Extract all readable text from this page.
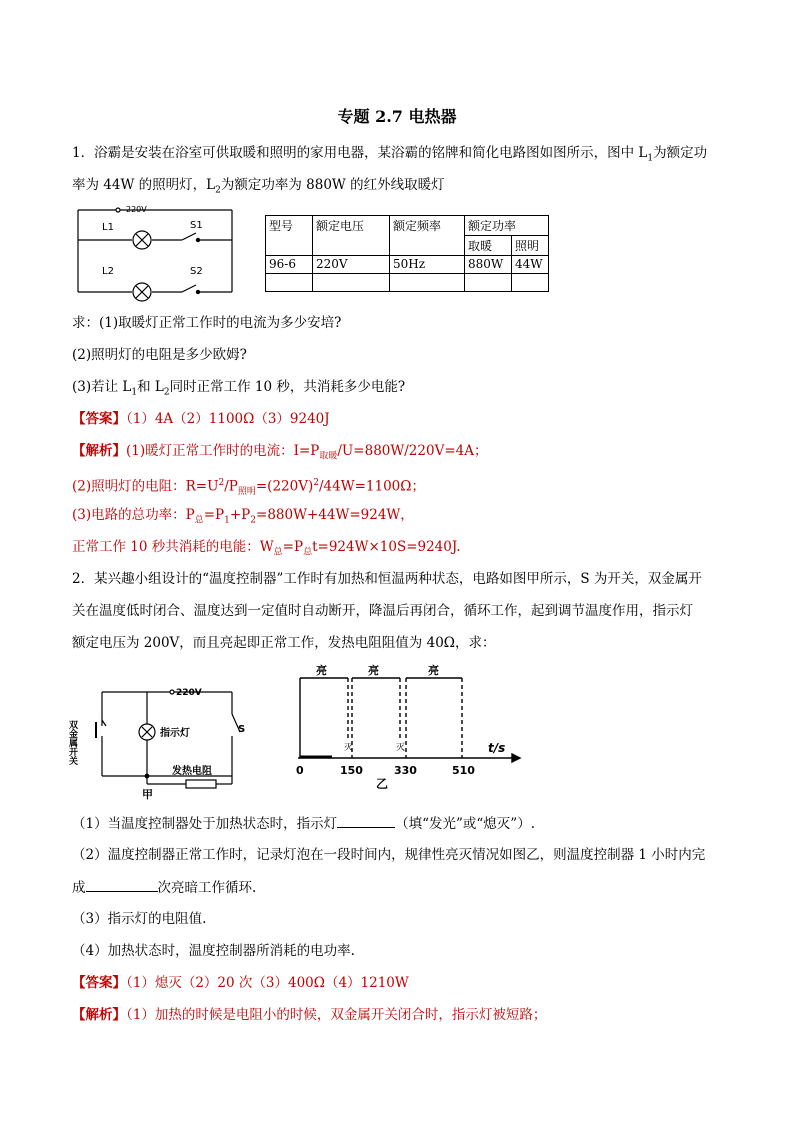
专题 2.7 电热器
1．浴霸是安装在浴室可供取暖和照明的家用电器，某浴霸的铭牌和简化电路图如图所示，图中 $L_1$为额定功
率为 44W 的照明灯，$L_2$为额定功率为 880W 的红外线取暖灯
220V
L1	S1
L2	S2
型号	额定电压	额定频率	额定功率	
			取暖	照明
96-6	220V	50Hz	880W	44W

求：(1)取暖灯正常工作时的电流为多少安培?
(2)照明灯的电阻是多少欧姆?
(3)若让 $L_1$和 $L_2$同时正常工作 10 秒，共消耗多少电能?
【答案】（1）4A（2）1100Ω（3）9240J
【解析】(1)暖灯正常工作时的电流：$I=P_{取暖}/U=880W/220V=4A$；
(2)照明灯的电阻：$R=U^2/P_{照明}=(220V)^2/44W=1100\Omega$；
(3)电路的总功率：$P_总=P_1+P_2=880W+44W=924W$，
正常工作 10 秒共消耗的电能：$W_总=P_总t=924W\times 10S=9240J$.
2．某兴趣小组设计的“温度控制器”工作时有加热和恒温两种状态，电路如图甲所示，S 为开关，双金属开
关在温度低时闭合、温度达到一定值时自动断开，降温后再闭合，循环工作，起到调节温度作用，指示灯
额定电压为 200V，而且亮起即正常工作，发热电阻阻值为 40Ω，求：
220V
指示灯	S
双金属开关
发热电阻
甲
亮	亮	亮
灭	灭	t/s
0	150	330	510
乙
（1）当温度控制器处于加热状态时，指示灯	（填“发光”或“熄灭”）.
（2）温度控制器正常工作时，记录灯泡在一段时间内，规律性亮灭情况如图乙，则温度控制器 1 小时内完
成	次亮暗工作循环.
（3）指示灯的电阻值.
（4）加热状态时，温度控制器所消耗的电功率.
【答案】（1）熄灭（2）20 次（3）400Ω（4）1210W
【解析】（1）加热的时候是电阻小的时候，双金属开关闭合时，指示灯被短路；
